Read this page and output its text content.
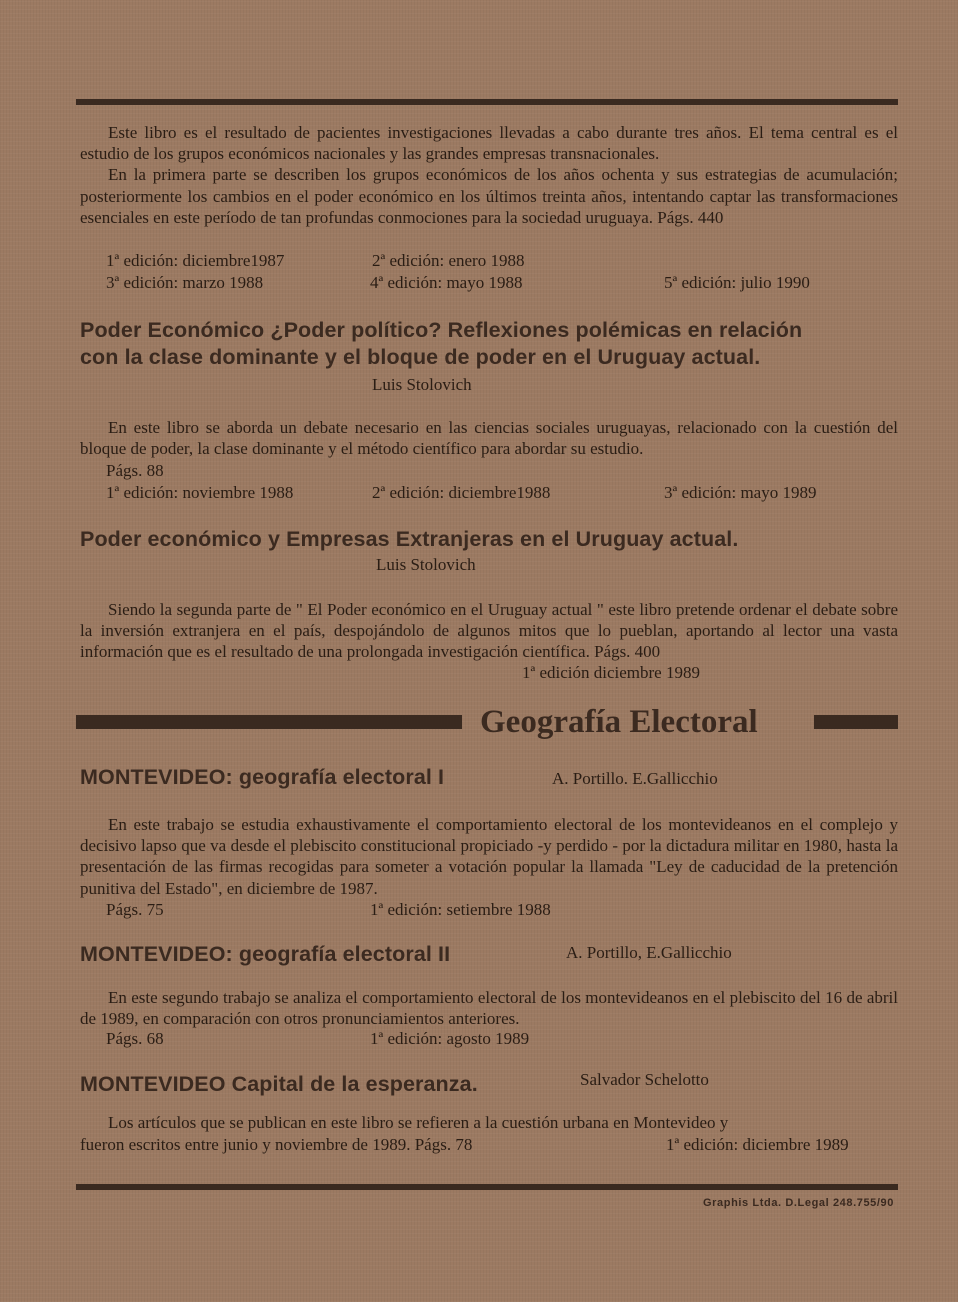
Este libro es el resultado de pacientes investigaciones llevadas a cabo durante tres años. El tema central es el estudio de los grupos económicos nacionales y las grandes empresas transnacionales.

En la primera parte se describen los grupos económicos de los años ochenta y sus estrategias de acumulación; posteriormente los cambios en el poder económico en los últimos treinta años, intentando captar las transformaciones esenciales en este período de tan profundas conmociones para la sociedad uruguaya. Págs. 440

1ª edición: diciembre1987	2ª edición: enero 1988
3ª edición: marzo 1988	4ª edición: mayo 1988	5ª edición: julio 1990
Poder Económico ¿Poder político? Reflexiones polémicas en relación
con la clase dominante y el bloque de poder en el Uruguay actual.
Luis Stolovich

En este libro se aborda un debate necesario en las ciencias sociales uruguayas, relacionado con la cuestión del bloque de poder, la clase dominante y el método científico para abordar su estudio.

Págs. 88
1ª edición: noviembre 1988	2ª edición: diciembre1988	3ª edición: mayo 1989
Poder económico y Empresas Extranjeras en el Uruguay actual.
Luis Stolovich

Siendo la segunda parte de " El Poder económico en el Uruguay actual " este libro pretende ordenar el debate sobre la inversión extranjera en el país, despojándolo de algunos mitos que lo pueblan, aportando al lector una vasta información que es el resultado de una prolongada investigación científica. Págs. 400

1ª edición diciembre 1989
Geografía Electoral
MONTEVIDEO: geografía electoral I	A. Portillo. E.Gallicchio

En este trabajo se estudia exhaustivamente el comportamiento electoral de los montevideanos en el complejo y decisivo lapso que va desde el plebiscito constitucional propiciado -y perdido - por la dictadura militar en 1980, hasta la presentación de las firmas recogidas para someter a votación popular la llamada "Ley de caducidad de la pretención punitiva del Estado", en diciembre de 1987.

Págs. 75	1ª edición: setiembre 1988
MONTEVIDEO: geografía electoral II	A. Portillo, E.Gallicchio

En este segundo trabajo se analiza el comportamiento electoral de los montevideanos en el plebiscito del 16 de abril de 1989, en comparación con otros pronunciamientos anteriores.

Págs. 68	1ª edición: agosto 1989
MONTEVIDEO Capital de la esperanza.	Salvador Schelotto
Los artículos que se publican en este libro se refieren a la cuestión urbana en Montevideo y
fueron escritos entre junio y noviembre de 1989. Págs. 78	1ª edición: diciembre 1989
Graphis Ltda. D.Legal 248.755/90
